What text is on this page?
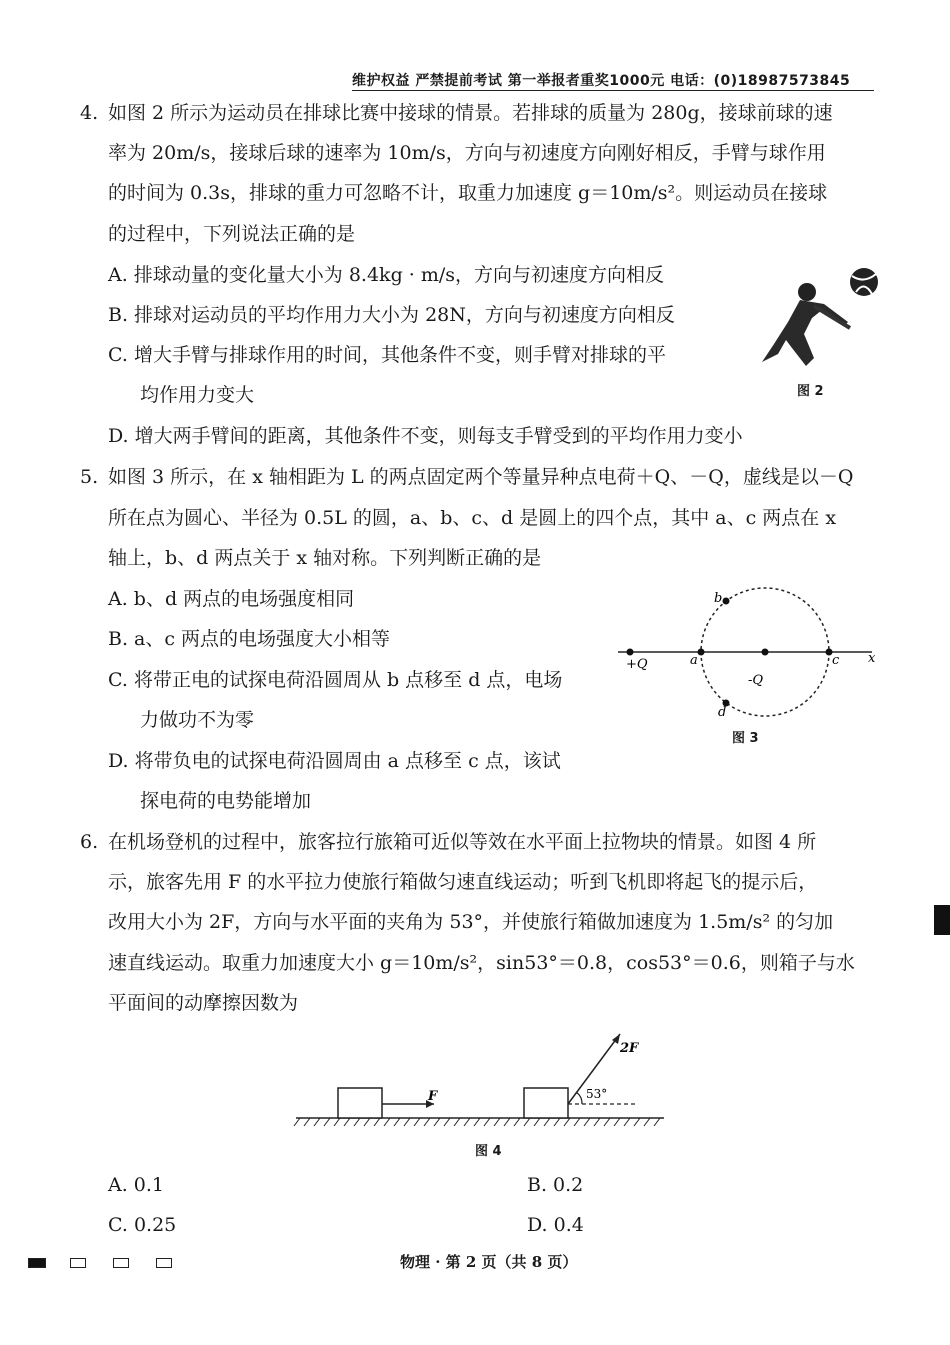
维护权益 严禁提前考试 第一举报者重奖1000元 电话：(0)18987573845
4. 如图 2 所示为运动员在排球比赛中接球的情景。若排球的质量为 280g，接球前球的速
率为 20m/s，接球后球的速率为 10m/s，方向与初速度方向刚好相反，手臂与球作用
的时间为 0.3s，排球的重力可忽略不计，取重力加速度 g＝10m/s²。则运动员在接球
的过程中，下列说法正确的是
A. 排球动量的变化量大小为 8.4kg · m/s，方向与初速度方向相反
B. 排球对运动员的平均作用力大小为 28N，方向与初速度方向相反
C. 增大手臂与排球作用的时间，其他条件不变，则手臂对排球的平
均作用力变大
D. 增大两手臂间的距离，其他条件不变，则每支手臂受到的平均作用力变小
图 2
5. 如图 3 所示，在 x 轴相距为 L 的两点固定两个等量异种点电荷＋Q、－Q，虚线是以－Q
所在点为圆心、半径为 0.5L 的圆，a、b、c、d 是圆上的四个点，其中 a、c 两点在 x
轴上，b、d 两点关于 x 轴对称。下列判断正确的是
A. b、d 两点的电场强度相同
B. a、c 两点的电场强度大小相等
C. 将带正电的试探电荷沿圆周从 b 点移至 d 点，电场
力做功不为零
D. 将带负电的试探电荷沿圆周由 a 点移至 c 点，该试
探电荷的电势能增加
+Q
-Q
a	c
b
d
x
图 3
6. 在机场登机的过程中，旅客拉行旅箱可近似等效在水平面上拉物块的情景。如图 4 所
示，旅客先用 F 的水平拉力使旅行箱做匀速直线运动；听到飞机即将起飞的提示后，
改用大小为 2F，方向与水平面的夹角为 53°，并使旅行箱做加速度为 1.5m/s² 的匀加
速直线运动。取重力加速度大小 g＝10m/s²，sin53°＝0.8，cos53°＝0.6，则箱子与水
平面间的动摩擦因数为
F
2F
53°
图 4
A. 0.1	B. 0.2
C. 0.25	D. 0.4
物理 · 第 2 页（共 8 页）
